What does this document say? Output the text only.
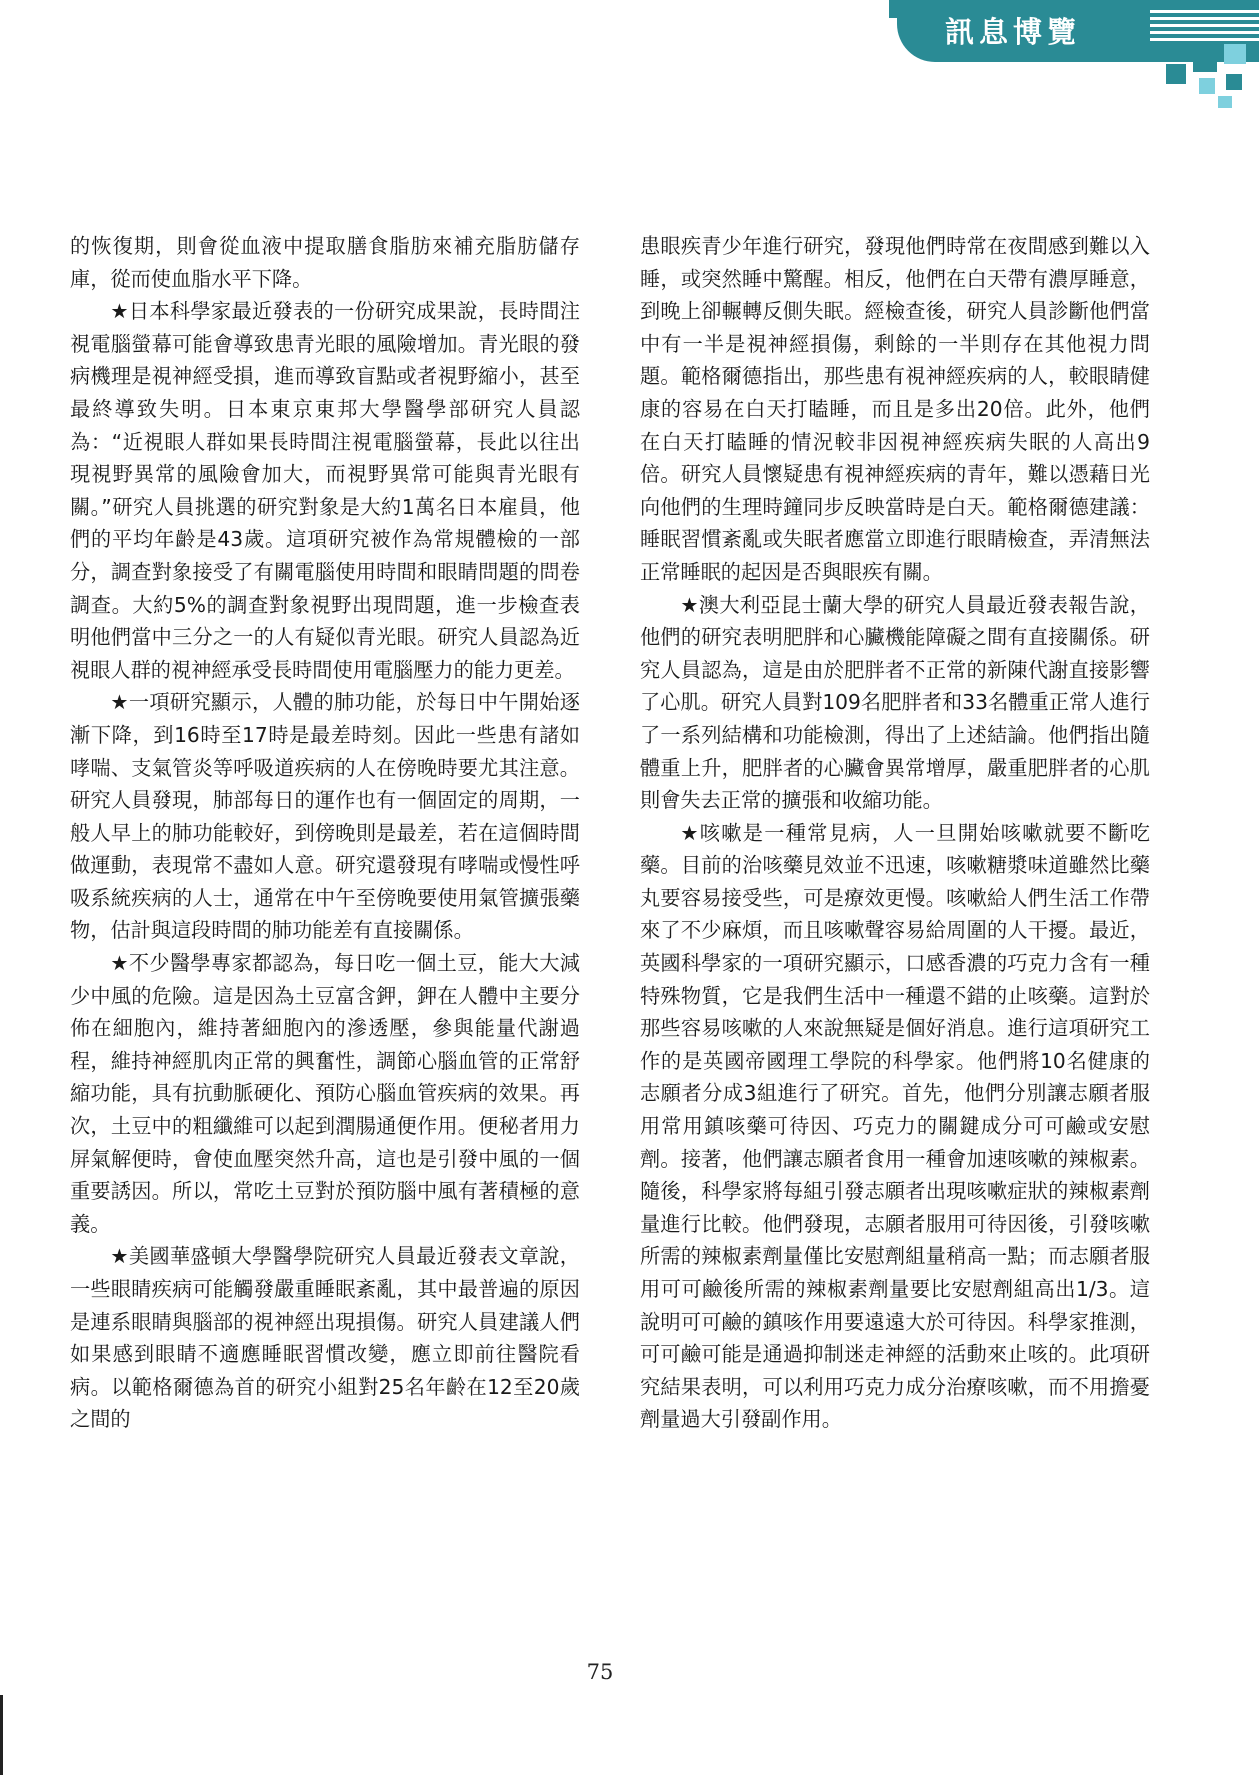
訊息博覽

的恢復期，則會從血液中提取膳食脂肪來補充脂肪儲存庫，從而使血脂水平下降。

★日本科學家最近發表的一份研究成果說，長時間注視電腦螢幕可能會導致患青光眼的風險增加。青光眼的發病機理是視神經受損，進而導致盲點或者視野縮小，甚至最終導致失明。日本東京東邦大學醫學部研究人員認為：“近視眼人群如果長時間注視電腦螢幕，長此以往出現視野異常的風險會加大，而視野異常可能與青光眼有關。”研究人員挑選的研究對象是大約1萬名日本雇員，他們的平均年齡是43歲。這項研究被作為常規體檢的一部分，調查對象接受了有關電腦使用時間和眼睛問題的問卷調查。大約5%的調查對象視野出現問題，進一步檢查表明他們當中三分之一的人有疑似青光眼。研究人員認為近視眼人群的視神經承受長時間使用電腦壓力的能力更差。

★一項研究顯示，人體的肺功能，於每日中午開始逐漸下降，到16時至17時是最差時刻。因此一些患有諸如哮喘、支氣管炎等呼吸道疾病的人在傍晚時要尤其注意。研究人員發現，肺部每日的運作也有一個固定的周期，一般人早上的肺功能較好，到傍晚則是最差，若在這個時間做運動，表現常不盡如人意。研究還發現有哮喘或慢性呼吸系統疾病的人士，通常在中午至傍晚要使用氣管擴張藥物，估計與這段時間的肺功能差有直接關係。

★不少醫學專家都認為，每日吃一個土豆，能大大減少中風的危險。這是因為土豆富含鉀，鉀在人體中主要分佈在細胞內，維持著細胞內的滲透壓，參與能量代謝過程，維持神經肌肉正常的興奮性，調節心腦血管的正常舒縮功能，具有抗動脈硬化、預防心腦血管疾病的效果。再次，土豆中的粗纖維可以起到潤腸通便作用。便秘者用力屏氣解便時，會使血壓突然升高，這也是引發中風的一個重要誘因。所以，常吃土豆對於預防腦中風有著積極的意義。

★美國華盛頓大學醫學院研究人員最近發表文章說，一些眼睛疾病可能觸發嚴重睡眠紊亂，其中最普遍的原因是連系眼睛與腦部的視神經出現損傷。研究人員建議人們如果感到眼睛不適應睡眠習慣改變，應立即前往醫院看病。以範格爾德為首的研究小組對25名年齡在12至20歲之間的

患眼疾青少年進行研究，發現他們時常在夜間感到難以入睡，或突然睡中驚醒。相反，他們在白天帶有濃厚睡意，到晚上卻輾轉反側失眠。經檢查後，研究人員診斷他們當中有一半是視神經損傷，剩餘的一半則存在其他視力問題。範格爾德指出，那些患有視神經疾病的人，較眼睛健康的容易在白天打瞌睡，而且是多出20倍。此外，他們在白天打瞌睡的情況較非因視神經疾病失眠的人高出9倍。研究人員懷疑患有視神經疾病的青年，難以憑藉日光向他們的生理時鐘同步反映當時是白天。範格爾德建議：睡眠習慣紊亂或失眠者應當立即進行眼睛檢查，弄清無法正常睡眠的起因是否與眼疾有關。

★澳大利亞昆士蘭大學的研究人員最近發表報告說，他們的研究表明肥胖和心臟機能障礙之間有直接關係。研究人員認為，這是由於肥胖者不正常的新陳代謝直接影響了心肌。研究人員對109名肥胖者和33名體重正常人進行了一系列結構和功能檢測，得出了上述結論。他們指出隨體重上升，肥胖者的心臟會異常增厚，嚴重肥胖者的心肌則會失去正常的擴張和收縮功能。

★咳嗽是一種常見病，人一旦開始咳嗽就要不斷吃藥。目前的治咳藥見效並不迅速，咳嗽糖漿味道雖然比藥丸要容易接受些，可是療效更慢。咳嗽給人們生活工作帶來了不少麻煩，而且咳嗽聲容易給周圍的人干擾。最近，英國科學家的一項研究顯示，口感香濃的巧克力含有一種特殊物質，它是我們生活中一種還不錯的止咳藥。這對於那些容易咳嗽的人來說無疑是個好消息。進行這項研究工作的是英國帝國理工學院的科學家。他們將10名健康的志願者分成3組進行了研究。首先，他們分別讓志願者服用常用鎮咳藥可待因、巧克力的關鍵成分可可鹼或安慰劑。接著，他們讓志願者食用一種會加速咳嗽的辣椒素。隨後，科學家將每組引發志願者出現咳嗽症狀的辣椒素劑量進行比較。他們發現，志願者服用可待因後，引發咳嗽所需的辣椒素劑量僅比安慰劑組量稍高一點；而志願者服用可可鹼後所需的辣椒素劑量要比安慰劑組高出1/3。這說明可可鹼的鎮咳作用要遠遠大於可待因。科學家推測，可可鹼可能是通過抑制迷走神經的活動來止咳的。此項研究結果表明，可以利用巧克力成分治療咳嗽，而不用擔憂劑量過大引發副作用。

75
